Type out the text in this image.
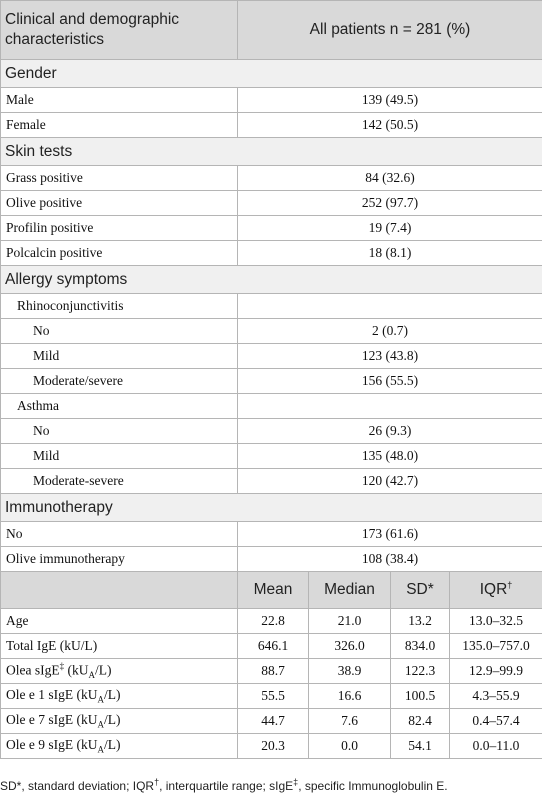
Clinical and demographic characteristics	All patients n = 281 (%)			
Gender				
Male	139 (49.5)			
Female	142 (50.5)			
Skin tests				
Grass positive	84 (32.6)			
Olive positive	252 (97.7)			
Profilin positive	19 (7.4)			
Polcalcin positive	18 (8.1)			
Allergy symptoms				
Rhinoconjunctivitis				
No	2 (0.7)			
Mild	123 (43.8)			
Moderate/severe	156 (55.5)			
Asthma				
No	26 (9.3)			
Mild	135 (48.0)			
Moderate-severe	120 (42.7)			
Immunotherapy				
No	173 (61.6)			
Olive immunotherapy	108 (38.4)			
	Mean	Median	SD*	IQR†
Age	22.8	21.0	13.2	13.0–32.5
Total IgE (kU/L)	646.1	326.0	834.0	135.0–757.0
Olea sIgE‡ $(kU_A/L)$	88.7	38.9	122.3	12.9–99.9
Ole e 1 sIgE $(kU_A/L)$	55.5	16.6	100.5	4.3–55.9
Ole e 7 sIgE $(kU_A/L)$	44.7	7.6	82.4	0.4–57.4
Ole e 9 sIgE $(kU_A/L)$	20.3	0.0	54.1	0.0–11.0
SD*, standard deviation; IQR†, interquartile range; sIgE‡, specific Immunoglobulin E.
